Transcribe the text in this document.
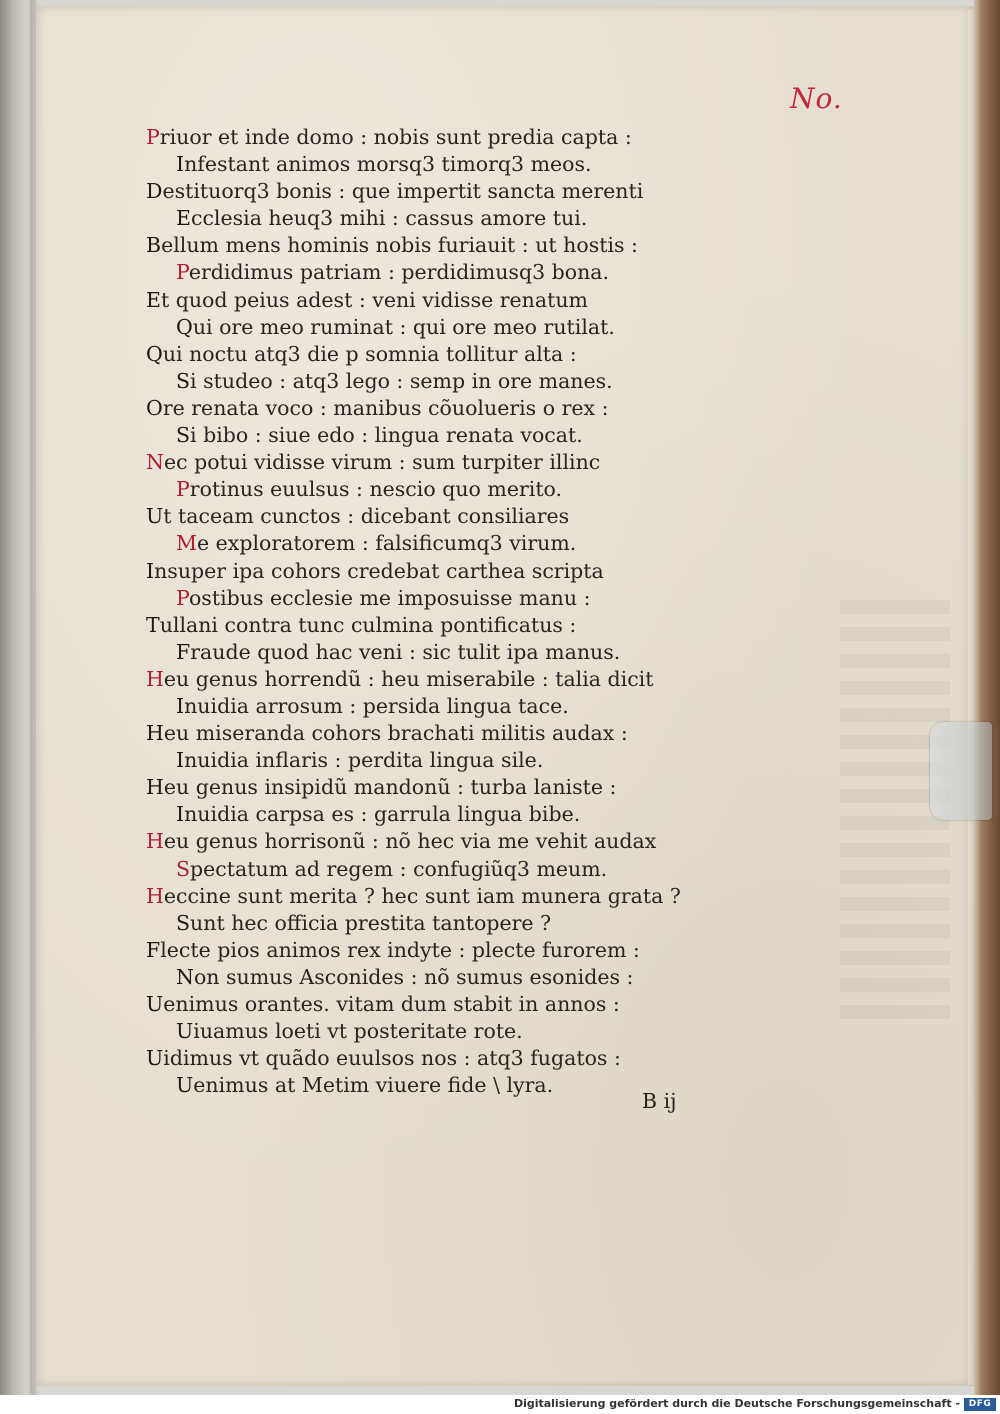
No.
Priuor et inde domo : nobis sunt predia capta :
Infestant animos morsq3 timorq3 meos.
Destituorq3 bonis : que impertit sancta merenti
Ecclesia heuq3 mihi : cassus amore tui.
Bellum mens hominis nobis furiauit : ut hostis :
Perdidimus patriam : perdidimusq3 bona.
Et quod peius adest : veni vidisse renatum
Qui ore meo ruminat : qui ore meo rutilat.
Qui noctu atq3 die p somnia tollitur alta :
Si studeo : atq3 lego : semp in ore manes.
Ore renata voco : manibus cõuolueris o rex :
Si bibo : siue edo : lingua renata vocat.
Nec potui vidisse virum : sum turpiter illinc
Protinus euulsus : nescio quo merito.
Ut taceam cunctos : dicebant consiliares
Me exploratorem : falsificumq3 virum.
Insuper ipa cohors credebat carthea scripta
Postibus ecclesie me imposuisse manu :
Tullani contra tunc culmina pontificatus :
Fraude quod hac veni : sic tulit ipa manus.
Heu genus horrendũ : heu miserabile : talia dicit
Inuidia arrosum : persida lingua tace.
Heu miseranda cohors brachati militis audax :
Inuidia inflaris : perdita lingua sile.
Heu genus insipidũ mandonũ : turba laniste :
Inuidia carpsa es : garrula lingua bibe.
Heu genus horrisonũ : nõ hec via me vehit audax
Spectatum ad regem : confugiũq3 meum.
Heccine sunt merita ? hec sunt iam munera grata ?
Sunt hec officia prestita tantopere ?
Flecte pios animos rex indyte : plecte furorem :
Non sumus Asconides : nõ sumus esonides :
Uenimus orantes. vitam dum stabit in annos :
Uiuamus loeti vt posteritate rote.
Uidimus vt quãdo euulsos nos : atq3 fugatos :
Uenimus at Metim viuere fide \ lyra.
B ij
Digitalisierung gefördert durch die Deutsche Forschungsgemeinschaft - DFG
